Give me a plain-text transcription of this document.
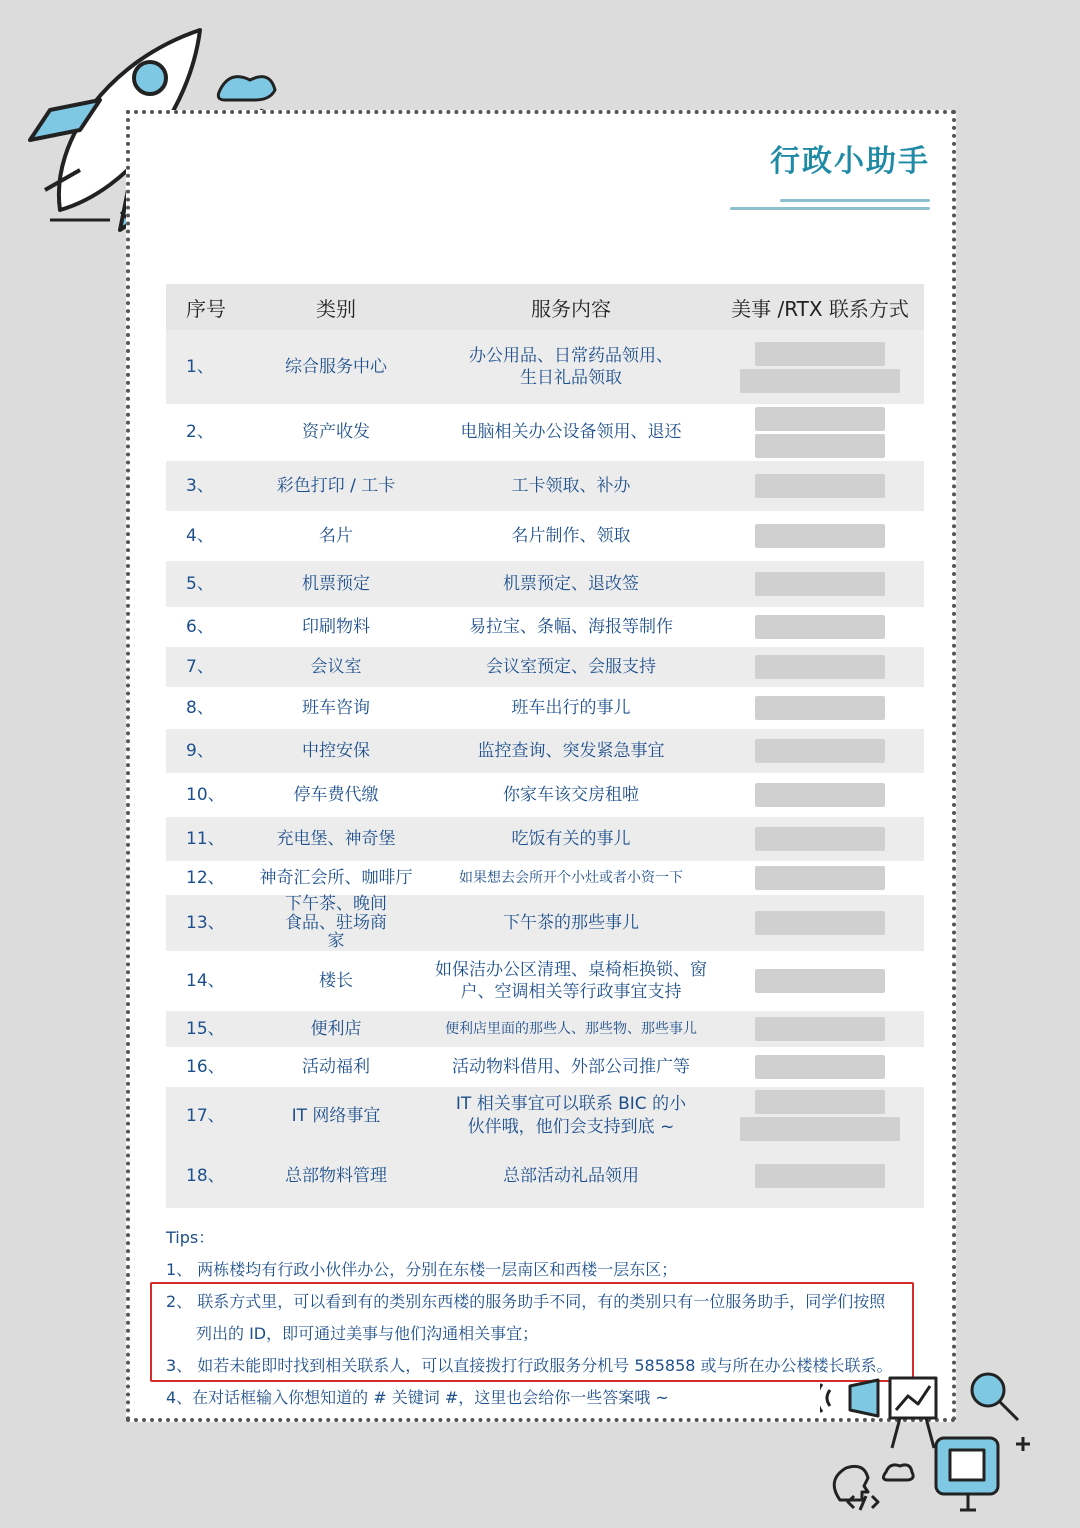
行政小助手
序号	类别	服务内容	美事 /RTX 联系方式
1、	综合服务中心	办公用品、日常药品领用、生日礼品领取	

2、	资产收发	电脑相关办公设备领用、退还	

3、	彩色打印 / 工卡	工卡领取、补办	

4、	名片	名片制作、领取	

5、	机票预定	机票预定、退改签	

6、	印刷物料	易拉宝、条幅、海报等制作	

7、	会议室	会议室预定、会服支持	

8、	班车咨询	班车出行的事儿	

9、	中控安保	监控查询、突发紧急事宜	

10、	停车费代缴	你家车该交房租啦	

11、	充电堡、神奇堡	吃饭有关的事儿	

12、	神奇汇会所、咖啡厅	如果想去会所开个小灶或者小资一下	

13、	下午茶、晚间食品、驻场商家	下午茶的那些事儿	

14、	楼长	如保洁办公区清理、桌椅柜换锁、窗户、空调相关等行政事宜支持	

15、	便利店	便利店里面的那些人、那些物、那些事儿	

16、	活动福利	活动物料借用、外部公司推广等	

17、	IT 网络事宜	IT 相关事宜可以联系 BIC 的小伙伴哦，他们会支持到底 ~	

18、	总部物料管理	总部活动礼品领用	
Tips：
1、 两栋楼均有行政小伙伴办公，分别在东楼一层南区和西楼一层东区；
2、 联系方式里，可以看到有的类别东西楼的服务助手不同，有的类别只有一位服务助手，同学们按照
列出的 ID，即可通过美事与他们沟通相关事宜；
3、 如若未能即时找到相关联系人，可以直接拨打行政服务分机号 585858 或与所在办公楼楼长联系。
4、在对话框输入你想知道的 # 关键词 #，这里也会给你一些答案哦 ~
